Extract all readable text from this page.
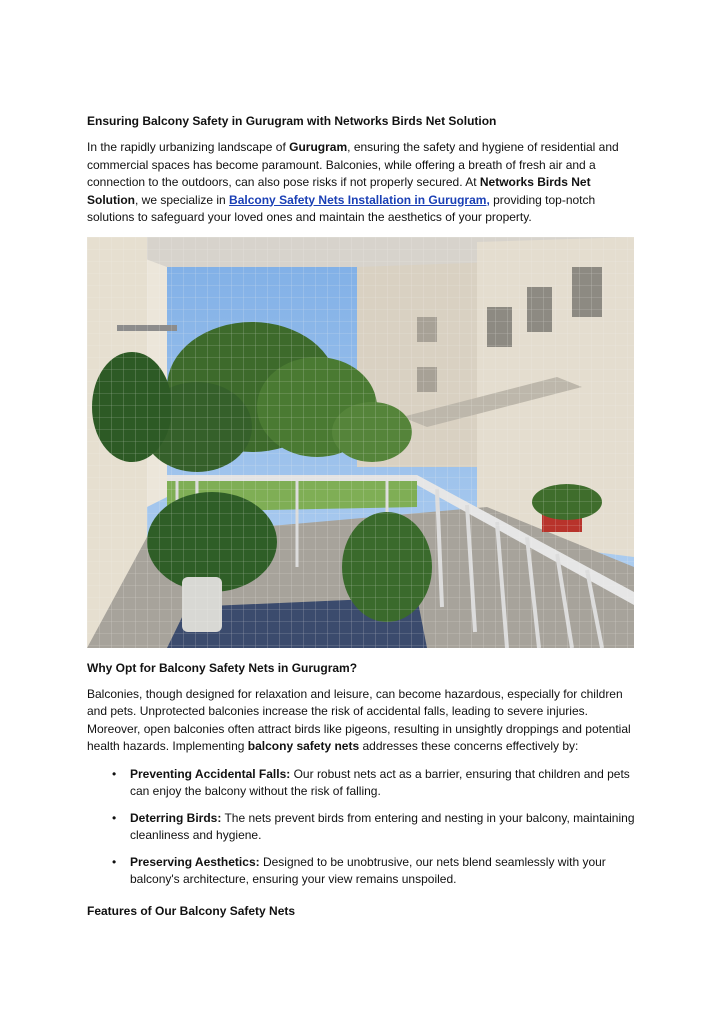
Ensuring Balcony Safety in Gurugram with Networks Birds Net Solution

In the rapidly urbanizing landscape of Gurugram, ensuring the safety and hygiene of residential and commercial spaces has become paramount. Balconies, while offering a breath of fresh air and a connection to the outdoors, can also pose risks if not properly secured. At Networks Birds Net Solution, we specialize in Balcony Safety Nets Installation in Gurugram, providing top-notch solutions to safeguard your loved ones and maintain the aesthetics of your property.

Why Opt for Balcony Safety Nets in Gurugram?

Balconies, though designed for relaxation and leisure, can become hazardous, especially for children and pets. Unprotected balconies increase the risk of accidental falls, leading to severe injuries. Moreover, open balconies often attract birds like pigeons, resulting in unsightly droppings and potential health hazards. Implementing balcony safety nets addresses these concerns effectively by:

• Preventing Accidental Falls: Our robust nets act as a barrier, ensuring that children and pets can enjoy the balcony without the risk of falling.
• Deterring Birds: The nets prevent birds from entering and nesting in your balcony, maintaining cleanliness and hygiene.
• Preserving Aesthetics: Designed to be unobtrusive, our nets blend seamlessly with your balcony's architecture, ensuring your view remains unspoiled.
Features of Our Balcony Safety Nets
